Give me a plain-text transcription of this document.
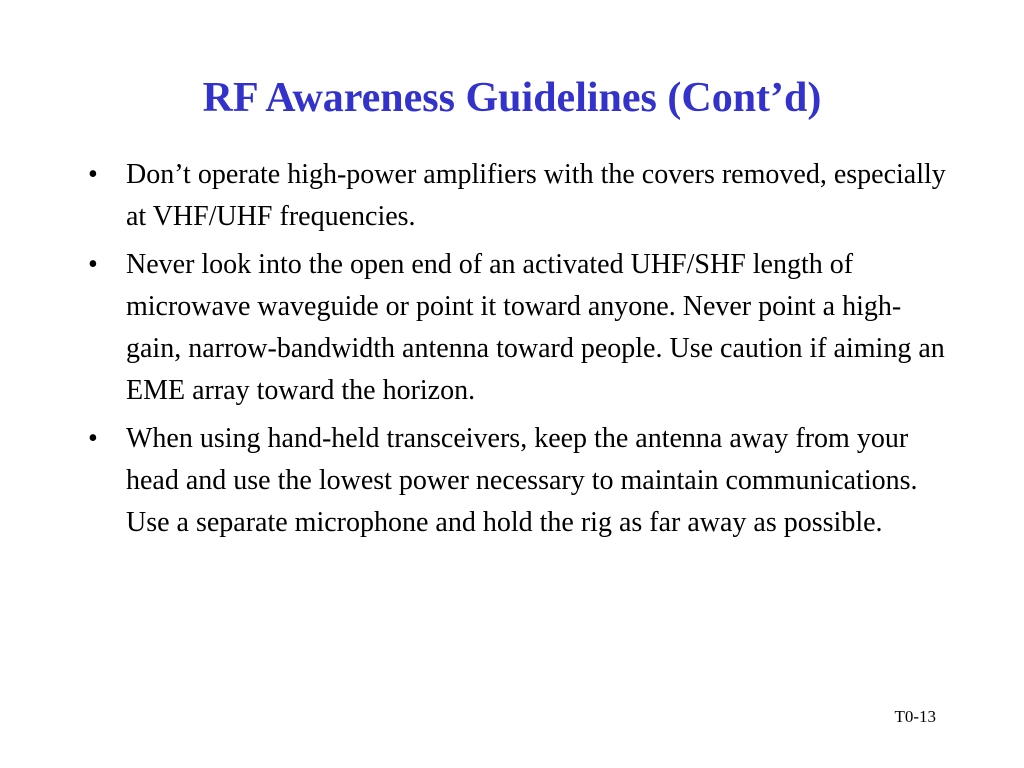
RF Awareness Guidelines (Cont’d)
•	Don’t operate high-power amplifiers with the covers removed, especially at VHF/UHF frequencies.
•	Never look into the open end of an activated UHF/SHF length of microwave waveguide or point it toward anyone. Never point a high-gain, narrow-bandwidth antenna toward people. Use caution if aiming an EME array toward the horizon.
•	When using hand-held transceivers, keep the antenna away from your head and use the lowest power necessary to maintain communications. Use a separate microphone and hold the rig as far away as possible.
T0-13
